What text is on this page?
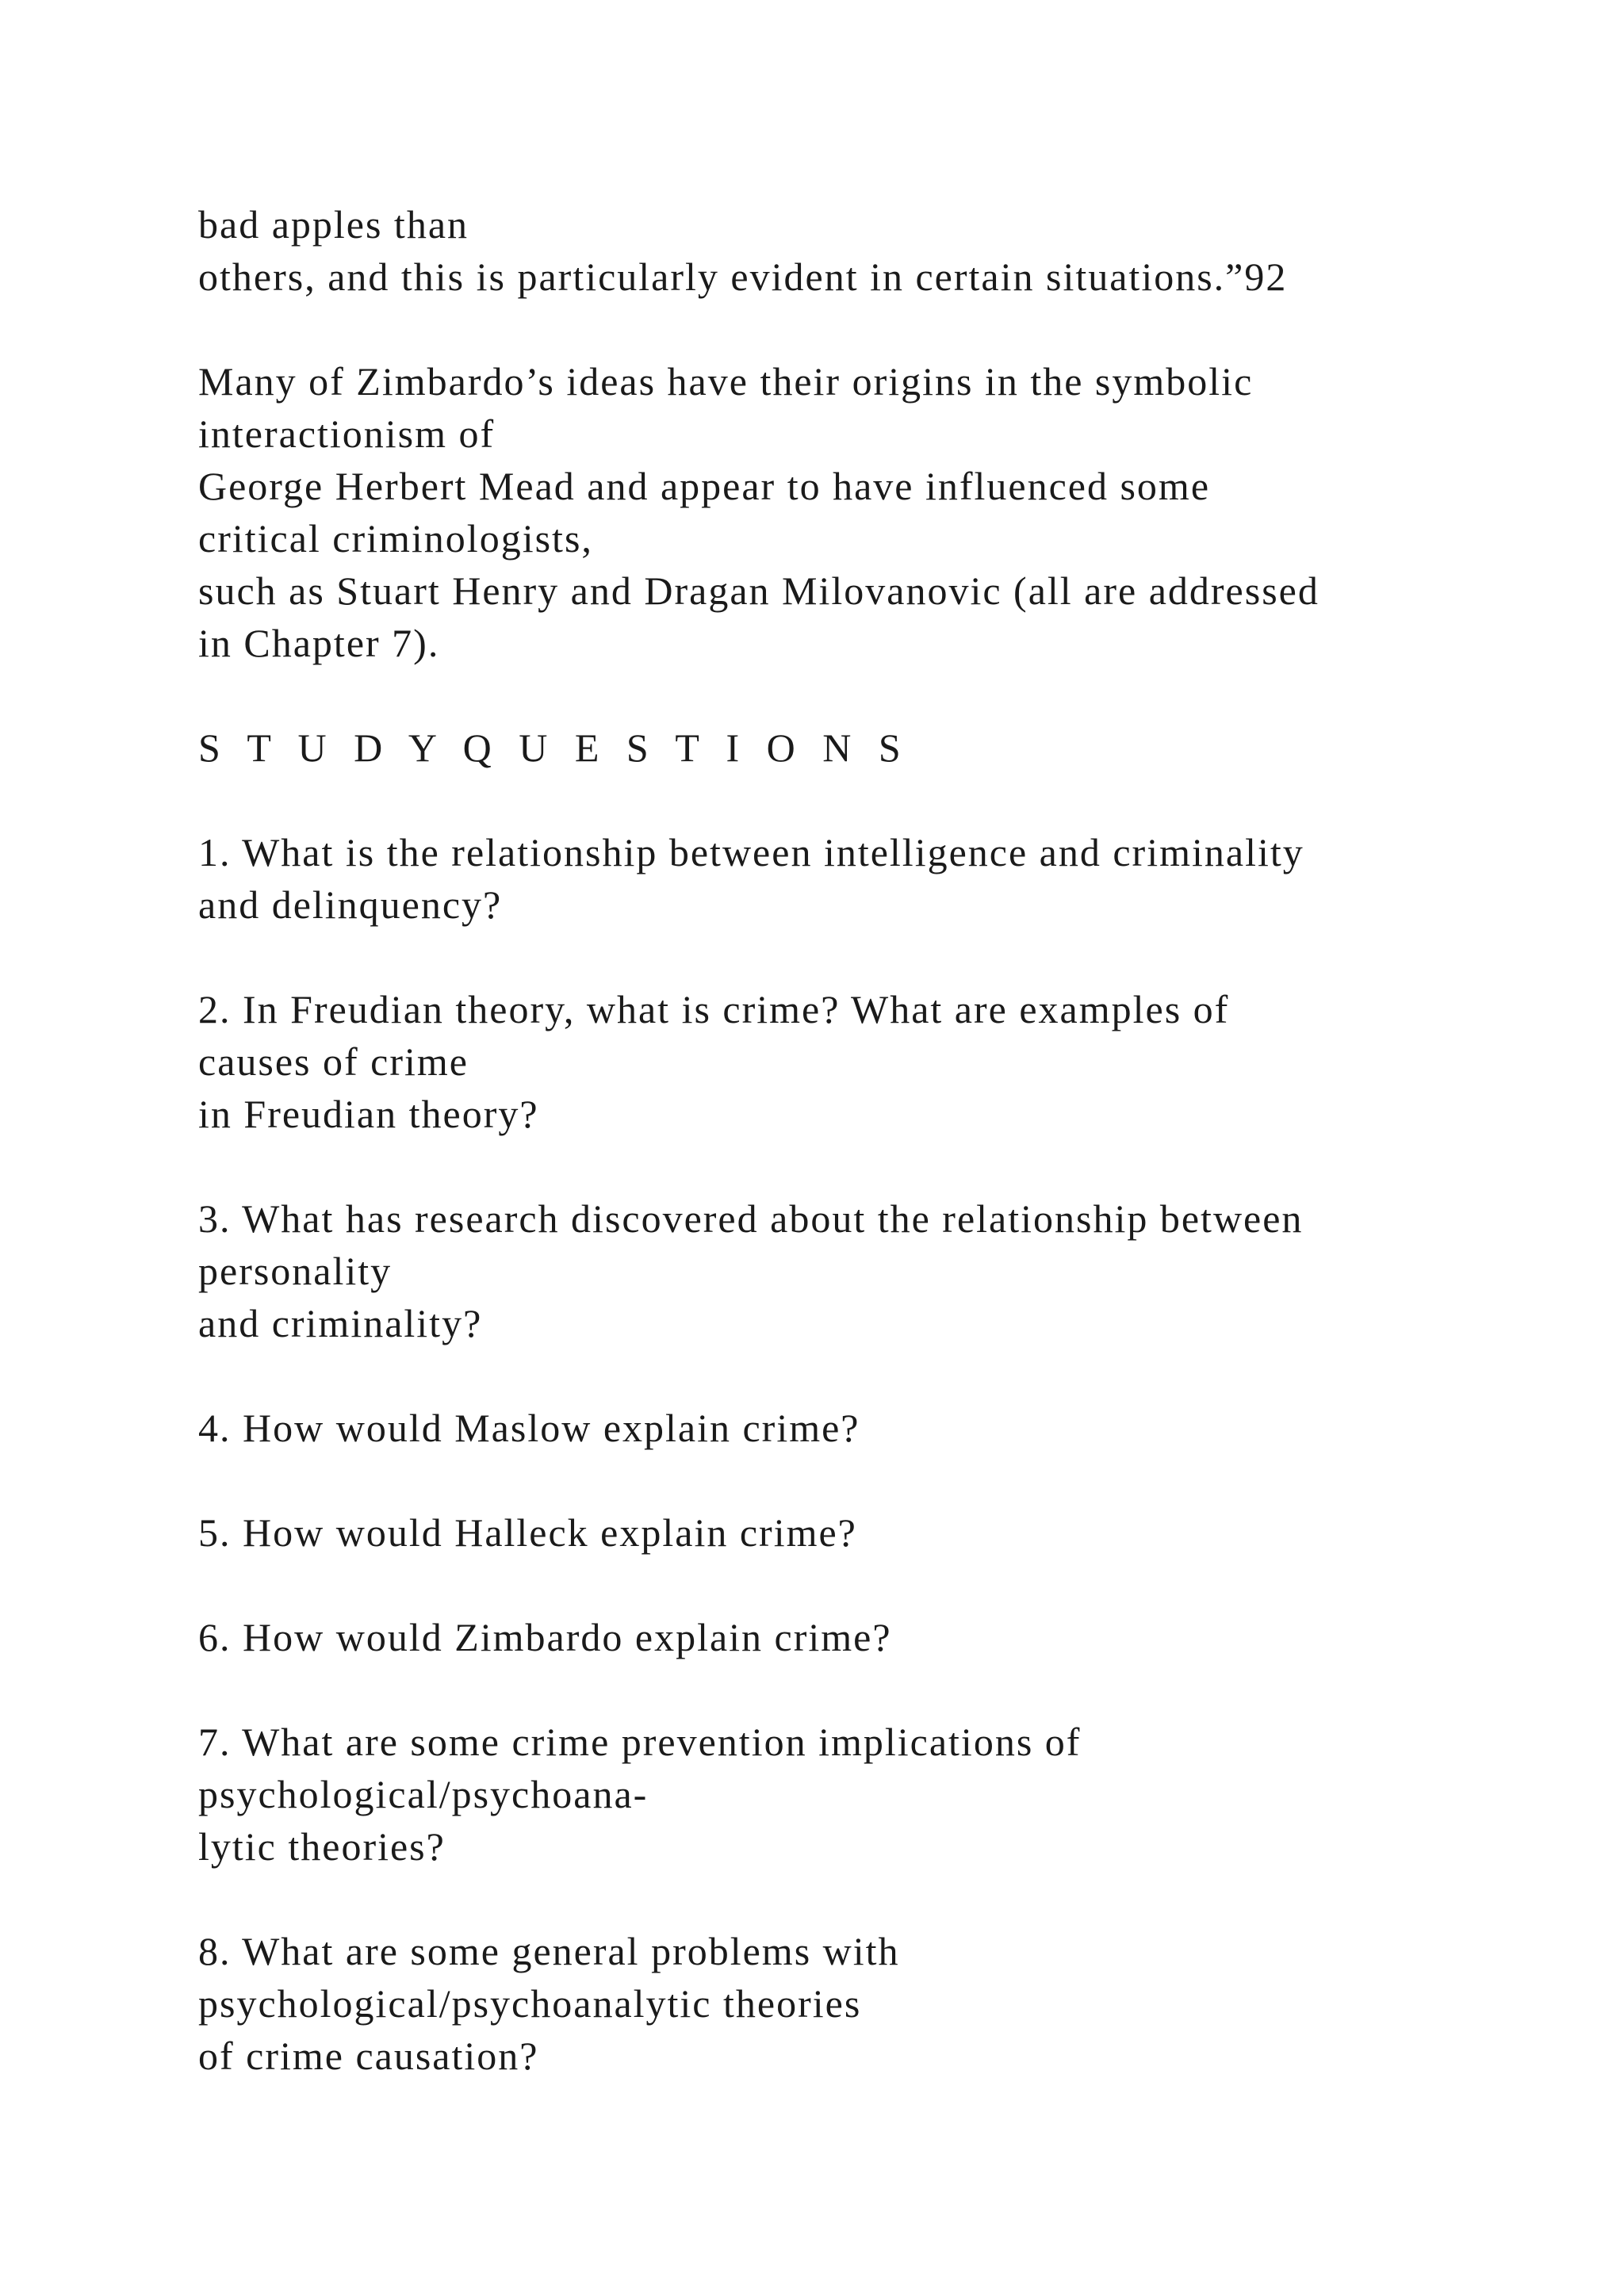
bad apples than
others, and this is particularly evident in certain situations.”92
Many of Zimbardo’s ideas have their origins in the symbolic
interactionism of
George Herbert Mead and appear to have influenced some
critical criminologists,
such as Stuart Henry and Dragan Milovanovic (all are addressed
in Chapter 7).
S T U D Y Q U E S T I O N S
1. What is the relationship between intelligence and criminality
and delinquency?
2. In Freudian theory, what is crime? What are examples of
causes of crime
in Freudian theory?
3. What has research discovered about the relationship between
personality
and criminality?
4. How would Maslow explain crime?
5. How would Halleck explain crime?
6. How would Zimbardo explain crime?
7. What are some crime prevention implications of
psychological/psychoana-
lytic theories?
8. What are some general problems with
psychological/psychoanalytic theories
of crime causation?
